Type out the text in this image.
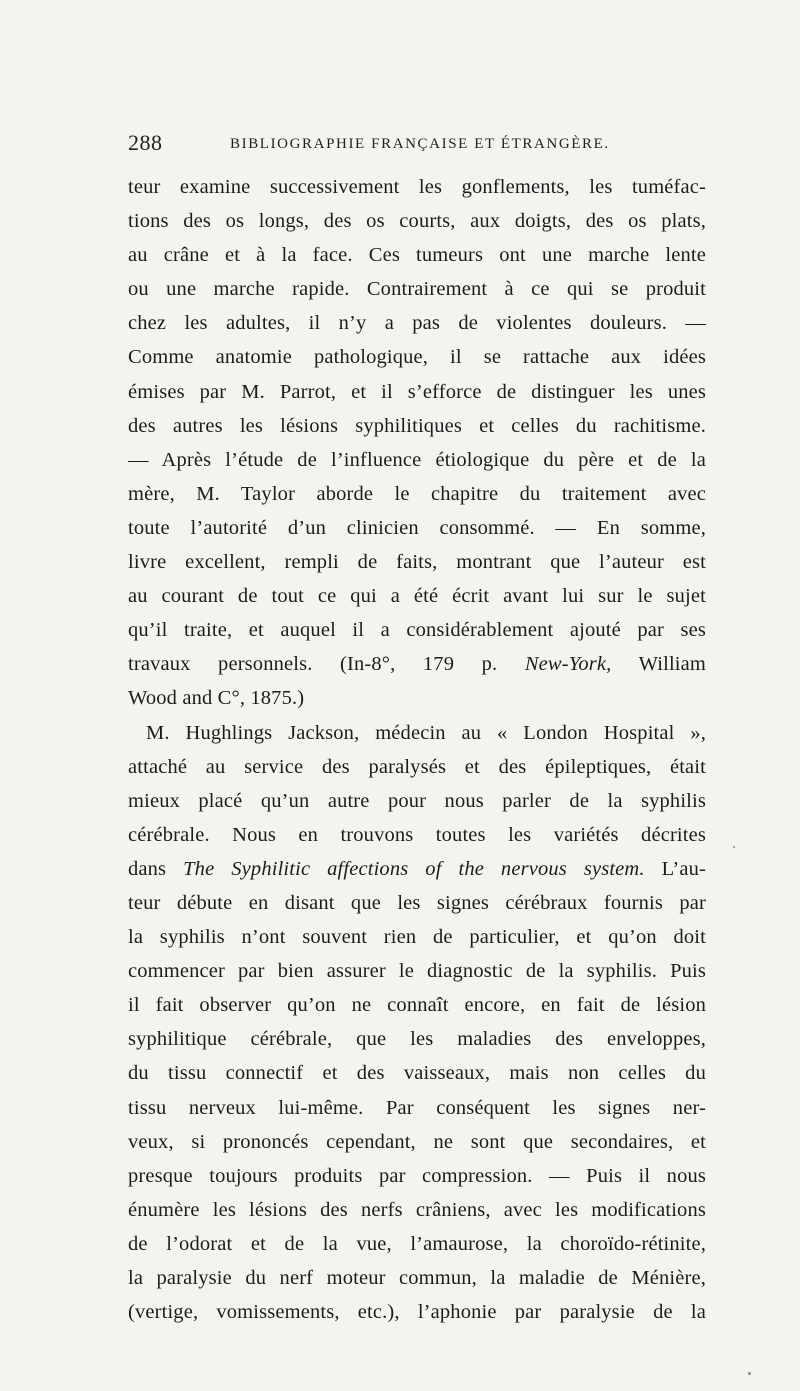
288	BIBLIOGRAPHIE FRANÇAISE ET ÉTRANGÈRE.
teur examine successivement les gonflements, les tuméfac-
tions des os longs, des os courts, aux doigts, des os plats,
au crâne et à la face. Ces tumeurs ont une marche lente
ou une marche rapide. Contrairement à ce qui se produit
chez les adultes, il n’y a pas de violentes douleurs. —
Comme anatomie pathologique, il se rattache aux idées
émises par M. Parrot, et il s’efforce de distinguer les unes
des autres les lésions syphilitiques et celles du rachitisme.
— Après l’étude de l’influence étiologique du père et de la
mère, M. Taylor aborde le chapitre du traitement avec
toute l’autorité d’un clinicien consommé. — En somme,
livre excellent, rempli de faits, montrant que l’auteur est
au courant de tout ce qui a été écrit avant lui sur le sujet
qu’il traite, et auquel il a considérablement ajouté par ses
travaux personnels. (In-8°, 179 p. New-York, William
Wood and C°, 1875.)
M. Hughlings Jackson, médecin au « London Hospital »,
attaché au service des paralysés et des épileptiques, était
mieux placé qu’un autre pour nous parler de la syphilis
cérébrale. Nous en trouvons toutes les variétés décrites
dans The Syphilitic affections of the nervous system. L’au-
teur débute en disant que les signes cérébraux fournis par
la syphilis n’ont souvent rien de particulier, et qu’on doit
commencer par bien assurer le diagnostic de la syphilis. Puis
il fait observer qu’on ne connaît encore, en fait de lésion
syphilitique cérébrale, que les maladies des enveloppes,
du tissu connectif et des vaisseaux, mais non celles du
tissu nerveux lui-même. Par conséquent les signes ner-
veux, si prononcés cependant, ne sont que secondaires, et
presque toujours produits par compression. — Puis il nous
énumère les lésions des nerfs crâniens, avec les modifications
de l’odorat et de la vue, l’amaurose, la choroïdo-rétinite,
la paralysie du nerf moteur commun, la maladie de Ménière,
(vertige, vomissements, etc.), l’aphonie par paralysie de la
